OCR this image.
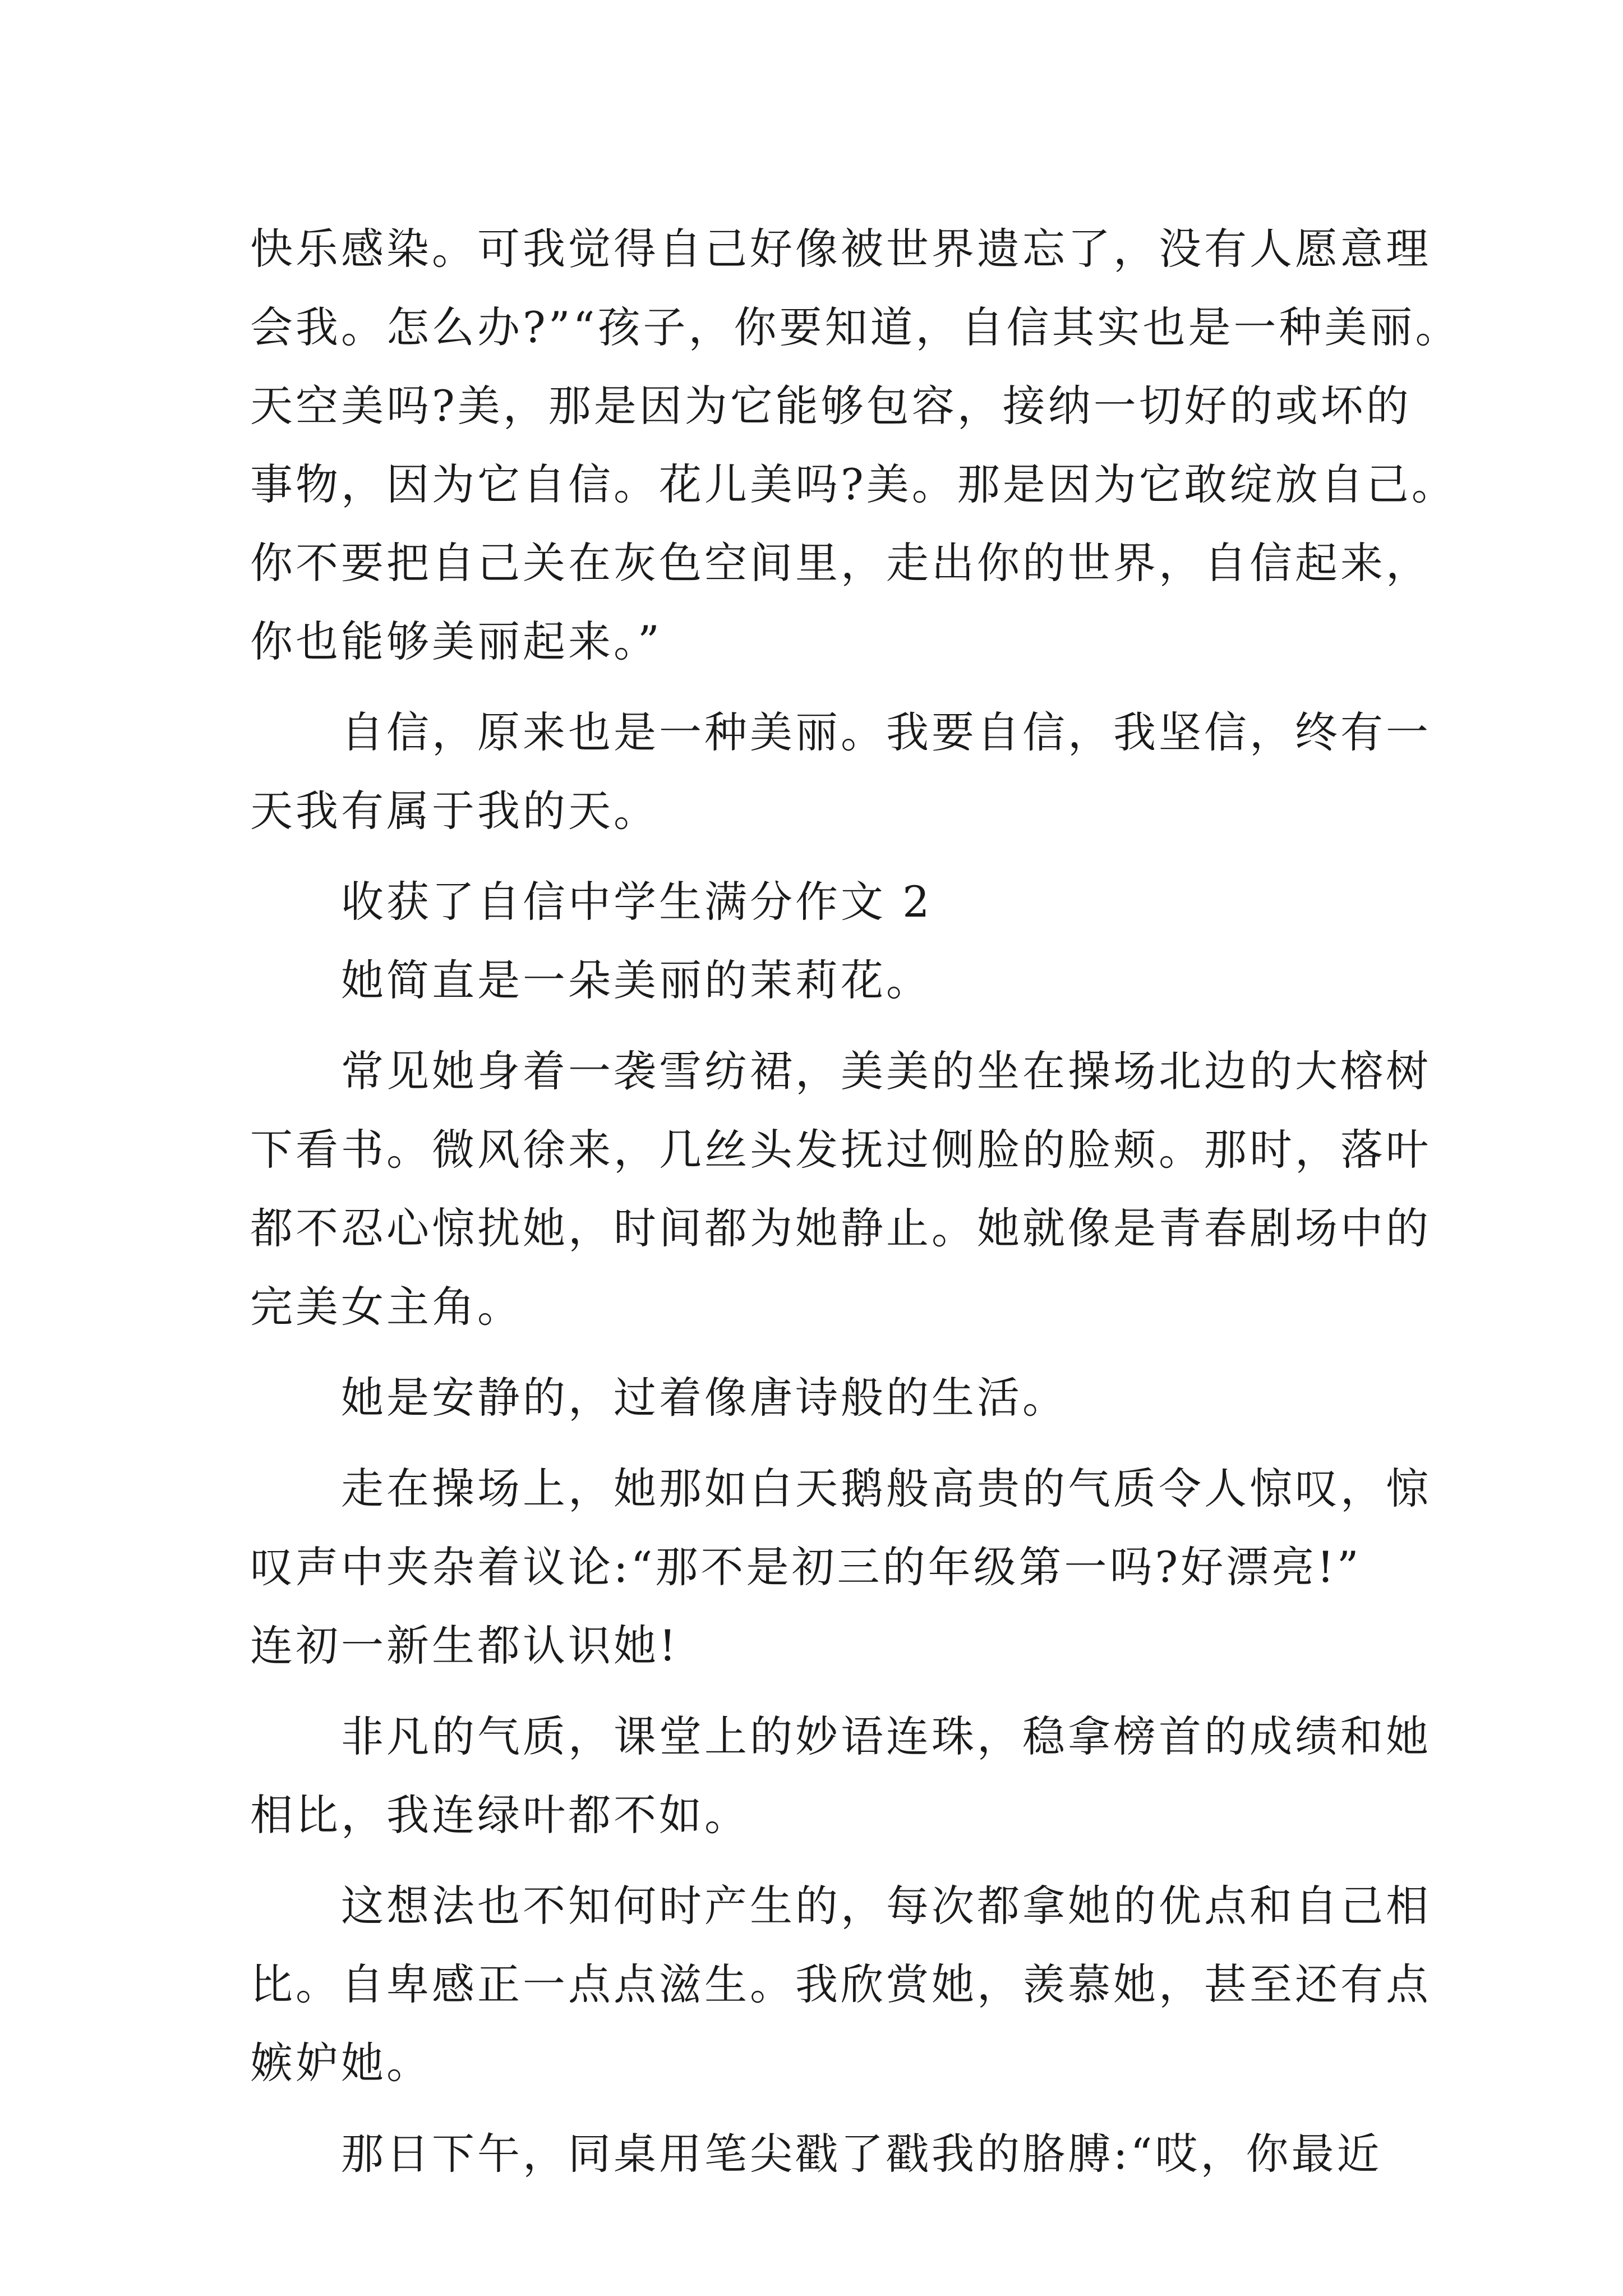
快乐感染。可我觉得自己好像被世界遗忘了，没有人愿意理
会我。怎么办?”“孩子，你要知道，自信其实也是一种美丽。
天空美吗?美，那是因为它能够包容，接纳一切好的或坏的
事物，因为它自信。花儿美吗?美。那是因为它敢绽放自己。
你不要把自己关在灰色空间里，走出你的世界，自信起来，
你也能够美丽起来。”
自信，原来也是一种美丽。我要自信，我坚信，终有一
天我有属于我的天。
收获了自信中学生满分作文 2
她简直是一朵美丽的茉莉花。
常见她身着一袭雪纺裙，美美的坐在操场北边的大榕树
下看书。微风徐来，几丝头发抚过侧脸的脸颊。那时，落叶
都不忍心惊扰她，时间都为她静止。她就像是青春剧场中的
完美女主角。
她是安静的，过着像唐诗般的生活。
走在操场上，她那如白天鹅般高贵的气质令人惊叹，惊
叹声中夹杂着议论:“那不是初三的年级第一吗?好漂亮!”
连初一新生都认识她!
非凡的气质，课堂上的妙语连珠，稳拿榜首的成绩和她
相比，我连绿叶都不如。
这想法也不知何时产生的，每次都拿她的优点和自己相
比。自卑感正一点点滋生。我欣赏她，羡慕她，甚至还有点
嫉妒她。
那日下午，同桌用笔尖戳了戳我的胳膊:“哎，你最近
